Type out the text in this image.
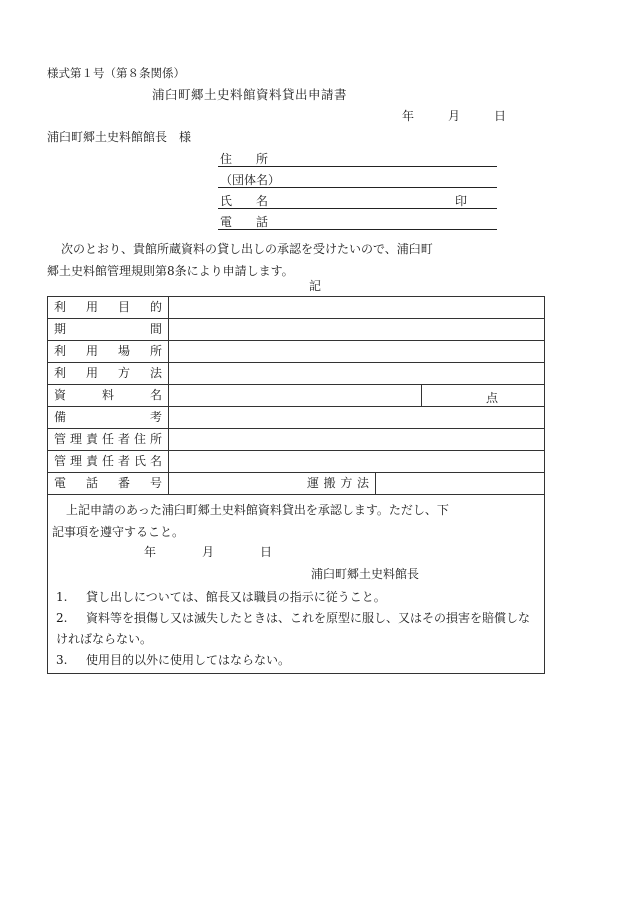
様式第１号（第８条関係）
浦臼町郷土史料館資料貸出申請書
年	月	日
浦臼町郷土史料館館長　様
住　　所
（団体名）
氏　　名	印
電　　話
次のとおり、貴館所蔵資料の貸し出しの承認を受けたいので、浦臼町
郷土史料館管理規則第8条により申請します。
記
利用目的
期間
利用場所
利用方法
資料名	点
備考
管理責任者住所
管理責任者氏名
電話番号	運搬方法
上記申請のあった浦臼町郷土史料館資料貸出を承認します。ただし、下
記事項を遵守すること。
年	月	日
浦臼町郷土史料館長
1. 貸し出しについては、館長又は職員の指示に従うこと。
2. 資料等を損傷し又は滅失したときは、これを原型に服し、又はその損害を賠償しなければならない。
3. 使用目的以外に使用してはならない。
